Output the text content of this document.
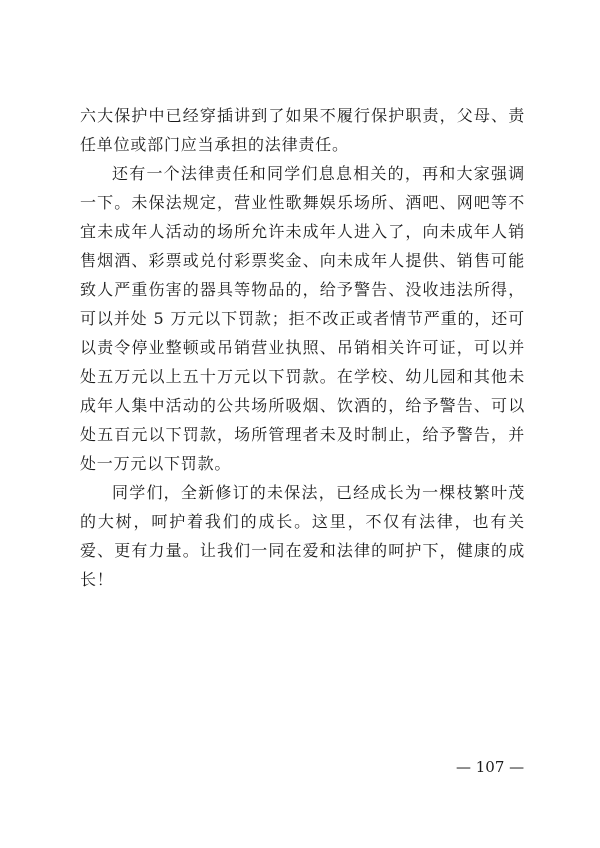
六大保护中已经穿插讲到了如果不履行保护职责，父母、责任单位或部门应当承担的法律责任。

还有一个法律责任和同学们息息相关的，再和大家强调一下。未保法规定，营业性歌舞娱乐场所、酒吧、网吧等不宜未成年人活动的场所允许未成年人进入了，向未成年人销售烟酒、彩票或兑付彩票奖金、向未成年人提供、销售可能致人严重伤害的器具等物品的，给予警告、没收违法所得，可以并处 5 万元以下罚款；拒不改正或者情节严重的，还可以责令停业整顿或吊销营业执照、吊销相关许可证，可以并处五万元以上五十万元以下罚款。在学校、幼儿园和其他未成年人集中活动的公共场所吸烟、饮酒的，给予警告、可以处五百元以下罚款，场所管理者未及时制止，给予警告，并处一万元以下罚款。

同学们，全新修订的未保法，已经成长为一棵枝繁叶茂的大树，呵护着我们的成长。这里，不仅有法律，也有关爱、更有力量。让我们一同在爱和法律的呵护下，健康的成长！

— 107 —
